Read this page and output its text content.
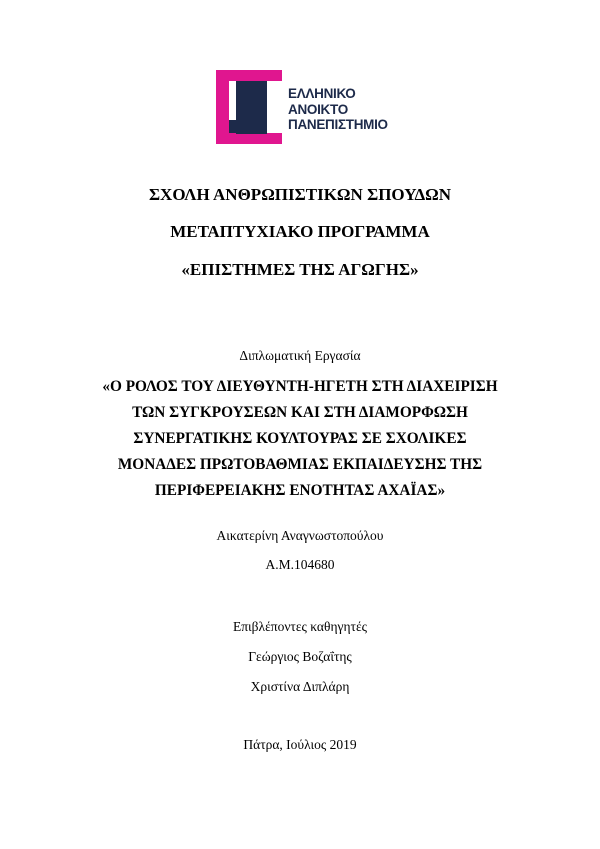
ΕΛΛΗΝΙΚΟ
ΑΝΟΙΚΤΟ
ΠΑΝΕΠΙΣΤΗΜΙΟ
ΣΧΟΛΗ ΑΝΘΡΩΠΙΣΤΙΚΩΝ ΣΠΟΥΔΩΝ
ΜΕΤΑΠΤΥΧΙΑΚΟ ΠΡΟΓΡΑΜΜΑ
«ΕΠΙΣΤΗΜΕΣ ΤΗΣ ΑΓΩΓΗΣ»
Διπλωματική Εργασία
«Ο ΡΟΛΟΣ ΤΟΥ ΔΙΕΥΘΥΝΤΗ-ΗΓΕΤΗ ΣΤΗ ΔΙΑΧΕΙΡΙΣΗ
ΤΩΝ ΣΥΓΚΡΟΥΣΕΩΝ ΚΑΙ ΣΤΗ ΔΙΑΜΟΡΦΩΣΗ
ΣΥΝΕΡΓΑΤΙΚΗΣ ΚΟΥΛΤΟΥΡΑΣ ΣΕ ΣΧΟΛΙΚΕΣ
ΜΟΝΑΔΕΣ ΠΡΩΤΟΒΑΘΜΙΑΣ ΕΚΠΑΙΔΕΥΣΗΣ ΤΗΣ
ΠΕΡΙΦΕΡΕΙΑΚΗΣ ΕΝΟΤΗΤΑΣ ΑΧΑΪΑΣ»
Αικατερίνη Αναγνωστοπούλου
Α.Μ.104680
Επιβλέποντες καθηγητές
Γεώργιος Βοζαΐτης
Χριστίνα Διπλάρη
Πάτρα, Ιούλιος 2019
